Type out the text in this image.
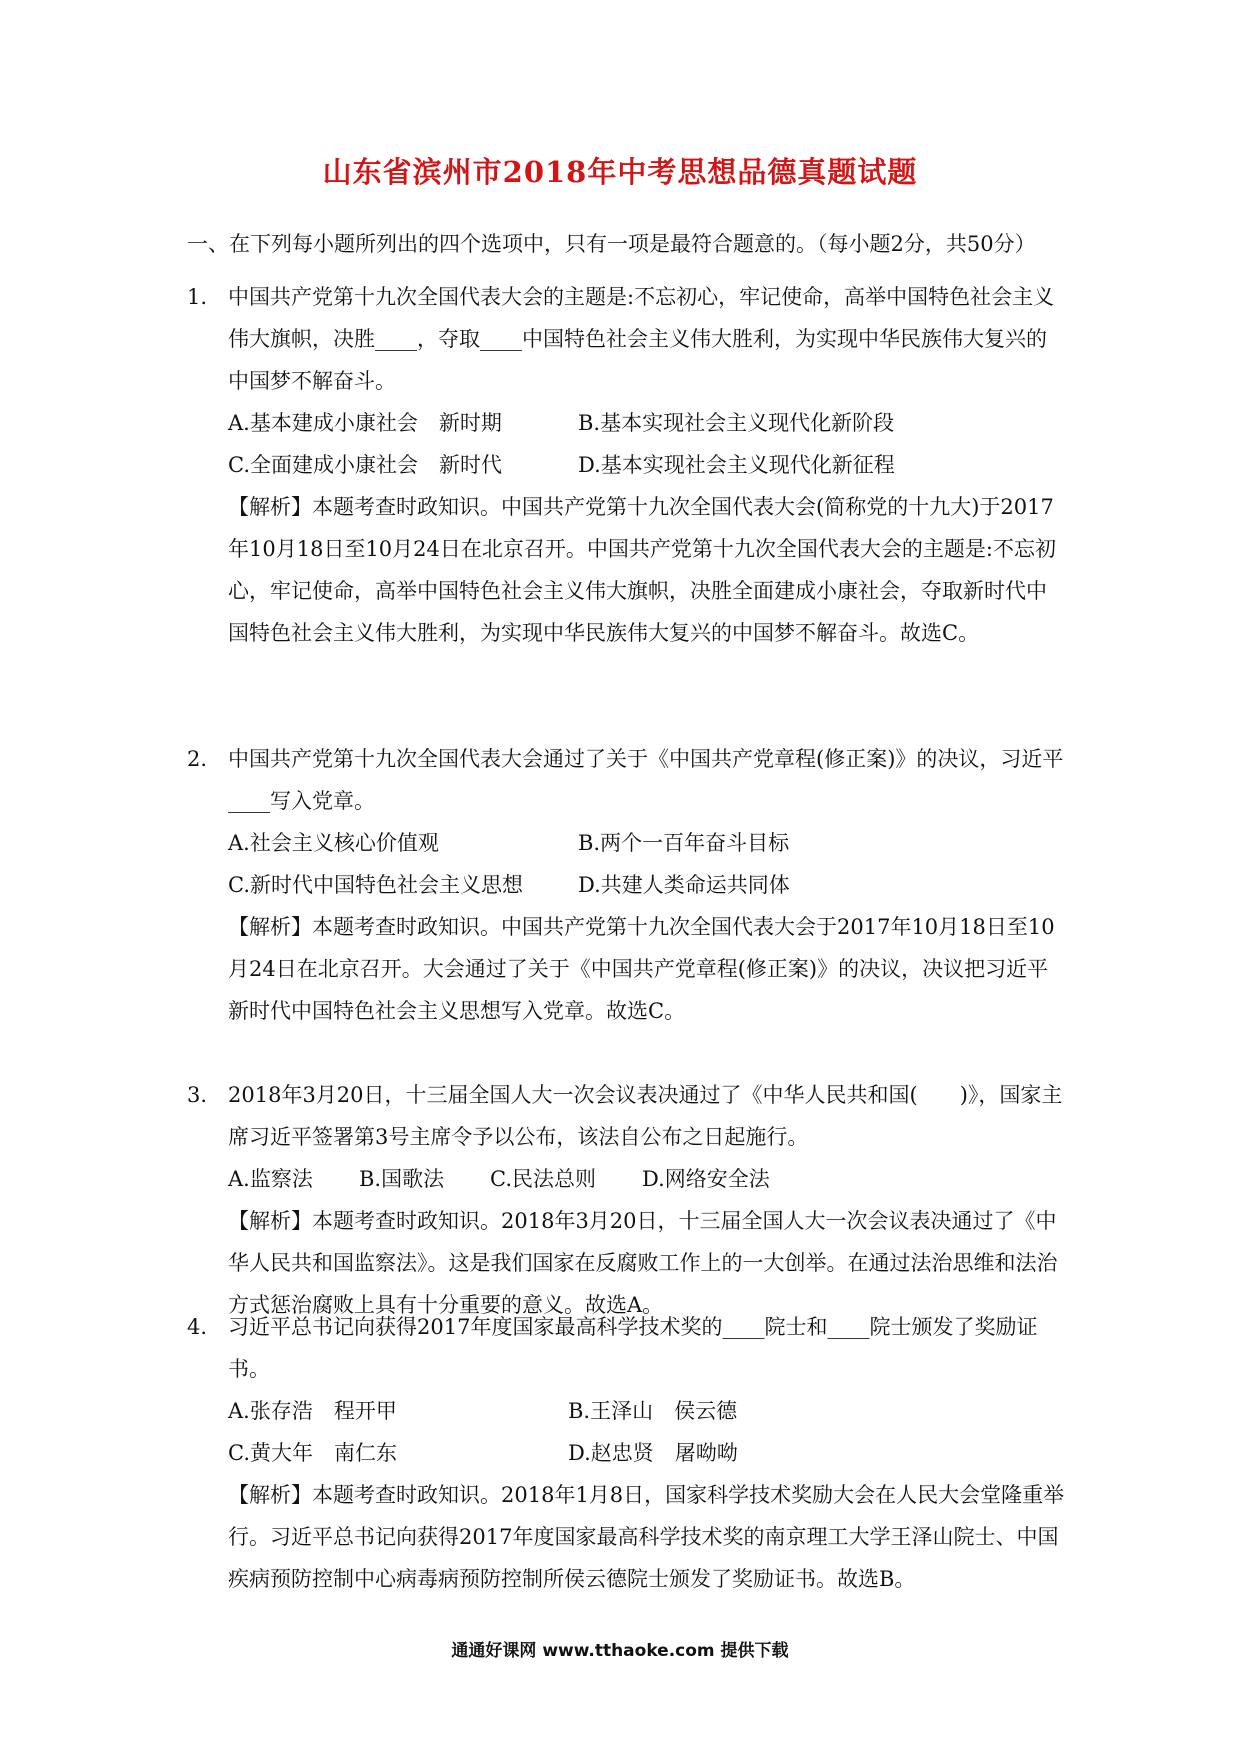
山东省滨州市2018年中考思想品德真题试题
一、在下列每小题所列出的四个选项中，只有一项是最符合题意的。（每小题2分，共50分）
1. 中国共产党第十九次全国代表大会的主题是:不忘初心，牢记使命，高举中国特色社会主义伟大旗帜，决胜____，夺取____中国特色社会主义伟大胜利，为实现中华民族伟大复兴的中国梦不解奋斗。
A.基本建成小康社会　新时期	B.基本实现社会主义现代化新阶段
C.全面建成小康社会　新时代	D.基本实现社会主义现代化新征程
【解析】本题考查时政知识。中国共产党第十九次全国代表大会(简称党的十九大)于2017年10月18日至10月24日在北京召开。中国共产党第十九次全国代表大会的主题是:不忘初心，牢记使命，高举中国特色社会主义伟大旗帜，决胜全面建成小康社会，夺取新时代中国特色社会主义伟大胜利，为实现中华民族伟大复兴的中国梦不解奋斗。故选C。
2. 中国共产党第十九次全国代表大会通过了关于《中国共产党章程(修正案)》的决议，习近平____写入党章。
A.社会主义核心价值观	B.两个一百年奋斗目标
C.新时代中国特色社会主义思想	D.共建人类命运共同体
【解析】本题考查时政知识。中国共产党第十九次全国代表大会于2017年10月18日至10月24日在北京召开。大会通过了关于《中国共产党章程(修正案)》的决议，决议把习近平新时代中国特色社会主义思想写入党章。故选C。
3. 2018年3月20日，十三届全国人大一次会议表决通过了《中华人民共和国(　　)》，国家主席习近平签署第3号主席令予以公布，该法自公布之日起施行。
A.监察法	B.国歌法	C.民法总则	D.网络安全法
【解析】本题考查时政知识。2018年3月20日，十三届全国人大一次会议表决通过了《中华人民共和国监察法》。这是我们国家在反腐败工作上的一大创举。在通过法治思维和法治方式惩治腐败上具有十分重要的意义。故选A。
4. 习近平总书记向获得2017年度国家最高科学技术奖的____院士和____院士颁发了奖励证书。
A.张存浩　程开甲	B.王泽山　侯云德
C.黄大年　南仁东	D.赵忠贤　屠呦呦
【解析】本题考查时政知识。2018年1月8日，国家科学技术奖励大会在人民大会堂隆重举行。习近平总书记向获得2017年度国家最高科学技术奖的南京理工大学王泽山院士、中国疾病预防控制中心病毒病预防控制所侯云德院士颁发了奖励证书。故选B。
通通好课网 www.tthaoke.com 提供下载
